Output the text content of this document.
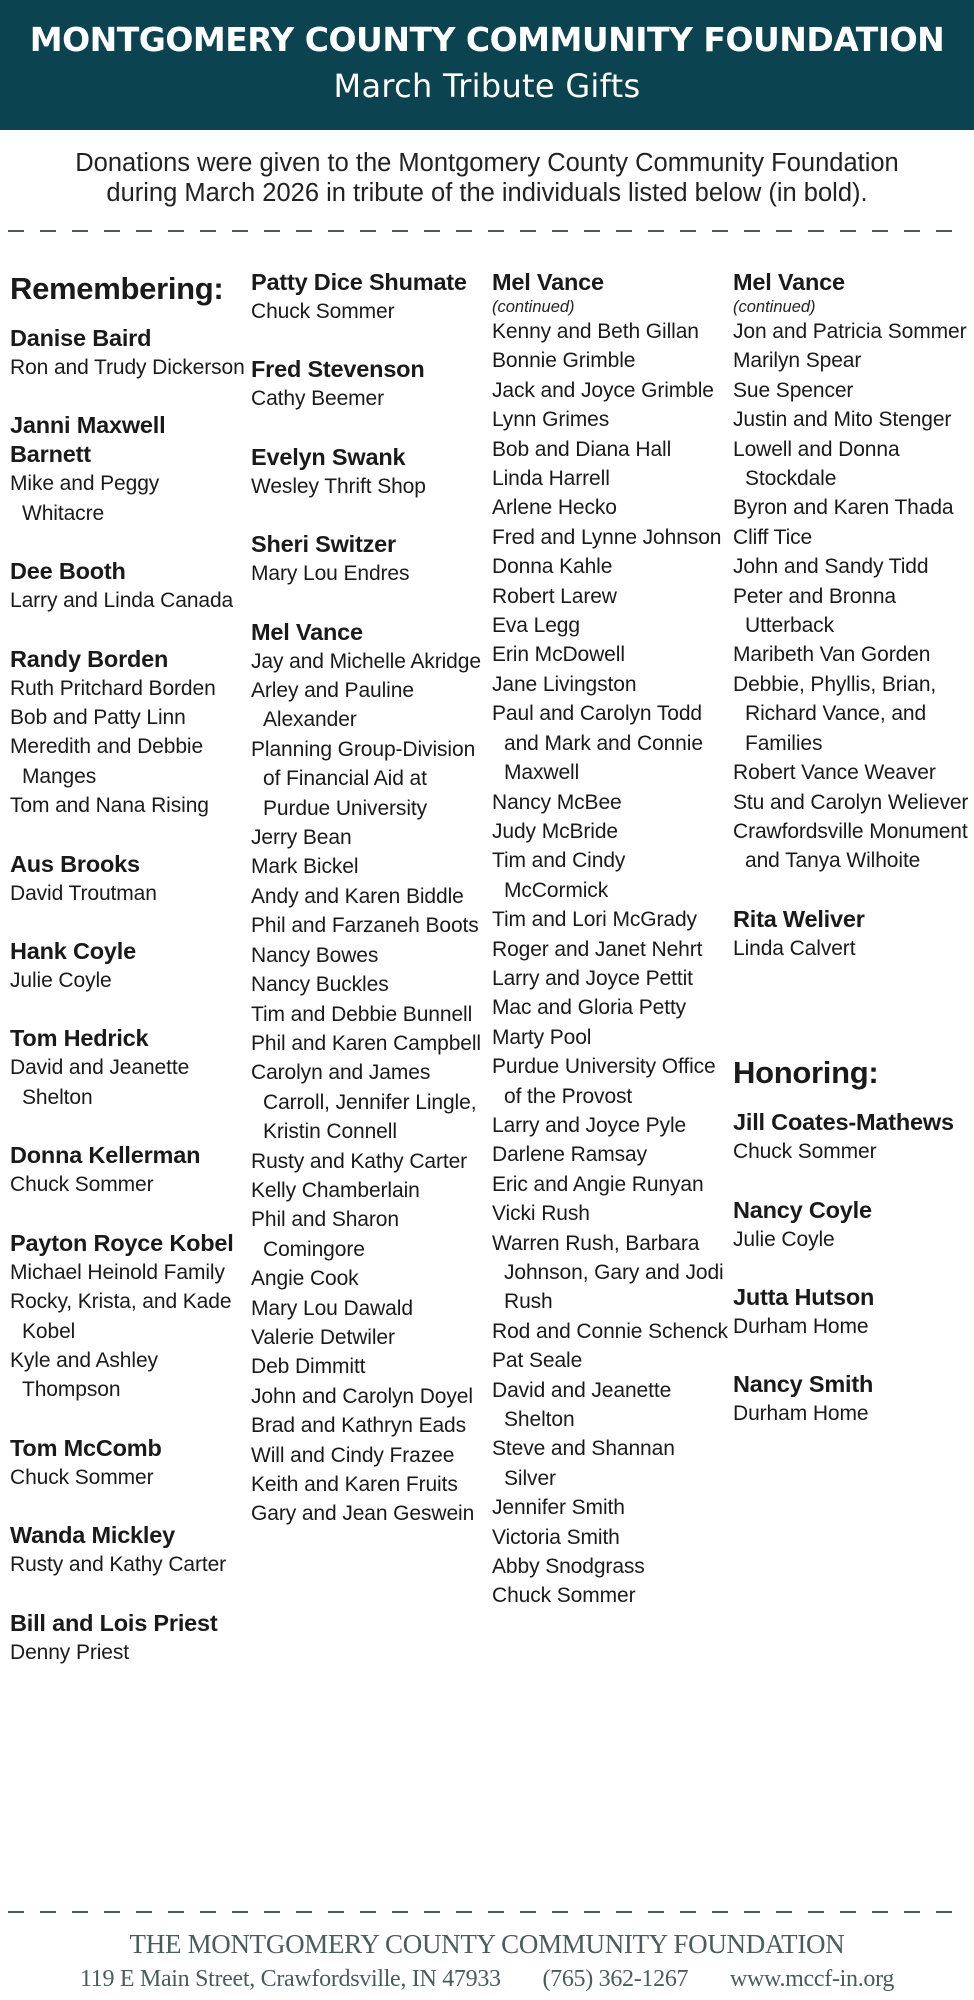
MONTGOMERY COUNTY COMMUNITY FOUNDATION
March Tribute Gifts
Donations were given to the Montgomery County Community Foundation
during March 2026 in tribute of the individuals listed below (in bold).
Remembering:
Danise Baird
Ron and Trudy Dickerson
Janni Maxwell Barnett
Mike and Peggy Whitacre
Dee Booth
Larry and Linda Canada
Randy Borden
Ruth Pritchard Borden
Bob and Patty Linn
Meredith and Debbie Manges
Tom and Nana Rising
Aus Brooks
David Troutman
Hank Coyle
Julie Coyle
Tom Hedrick
David and Jeanette Shelton
Donna Kellerman
Chuck Sommer
Payton Royce Kobel
Michael Heinold Family
Rocky, Krista, and Kade Kobel
Kyle and Ashley Thompson
Tom McComb
Chuck Sommer
Wanda Mickley
Rusty and Kathy Carter
Bill and Lois Priest
Denny Priest
Patty Dice Shumate
Chuck Sommer
Fred Stevenson
Cathy Beemer
Evelyn Swank
Wesley Thrift Shop
Sheri Switzer
Mary Lou Endres
Mel Vance
Jay and Michelle Akridge
Arley and Pauline Alexander
Planning Group-Division of Financial Aid at Purdue University
Jerry Bean
Mark Bickel
Andy and Karen Biddle
Phil and Farzaneh Boots
Nancy Bowes
Nancy Buckles
Tim and Debbie Bunnell
Phil and Karen Campbell
Carolyn and James Carroll, Jennifer Lingle, Kristin Connell
Rusty and Kathy Carter
Kelly Chamberlain
Phil and Sharon Comingore
Angie Cook
Mary Lou Dawald
Valerie Detwiler
Deb Dimmitt
John and Carolyn Doyel
Brad and Kathryn Eads
Will and Cindy Frazee
Keith and Karen Fruits
Gary and Jean Geswein
Mel Vance
(continued)
Kenny and Beth Gillan
Bonnie Grimble
Jack and Joyce Grimble
Lynn Grimes
Bob and Diana Hall
Linda Harrell
Arlene Hecko
Fred and Lynne Johnson
Donna Kahle
Robert Larew
Eva Legg
Erin McDowell
Jane Livingston
Paul and Carolyn Todd and Mark and Connie Maxwell
Nancy McBee
Judy McBride
Tim and Cindy McCormick
Tim and Lori McGrady
Roger and Janet Nehrt
Larry and Joyce Pettit
Mac and Gloria Petty
Marty Pool
Purdue University Office of the Provost
Larry and Joyce Pyle
Darlene Ramsay
Eric and Angie Runyan
Vicki Rush
Warren Rush, Barbara Johnson, Gary and Jodi Rush
Rod and Connie Schenck
Pat Seale
David and Jeanette Shelton
Steve and Shannan Silver
Jennifer Smith
Victoria Smith
Abby Snodgrass
Chuck Sommer
Mel Vance
(continued)
Jon and Patricia Sommer
Marilyn Spear
Sue Spencer
Justin and Mito Stenger
Lowell and Donna Stockdale
Byron and Karen Thada
Cliff Tice
John and Sandy Tidd
Peter and Bronna Utterback
Maribeth Van Gorden
Debbie, Phyllis, Brian, Richard Vance, and Families
Robert Vance Weaver
Stu and Carolyn Weliever
Crawfordsville Monument and Tanya Wilhoite
Rita Weliver
Linda Calvert
Honoring:
Jill Coates-Mathews
Chuck Sommer
Nancy Coyle
Julie Coyle
Jutta Hutson
Durham Home
Nancy Smith
Durham Home
THE MONTGOMERY COUNTY COMMUNITY FOUNDATION
119 E Main Street, Crawfordsville, IN 47933 (765) 362-1267 www.mccf-in.org
